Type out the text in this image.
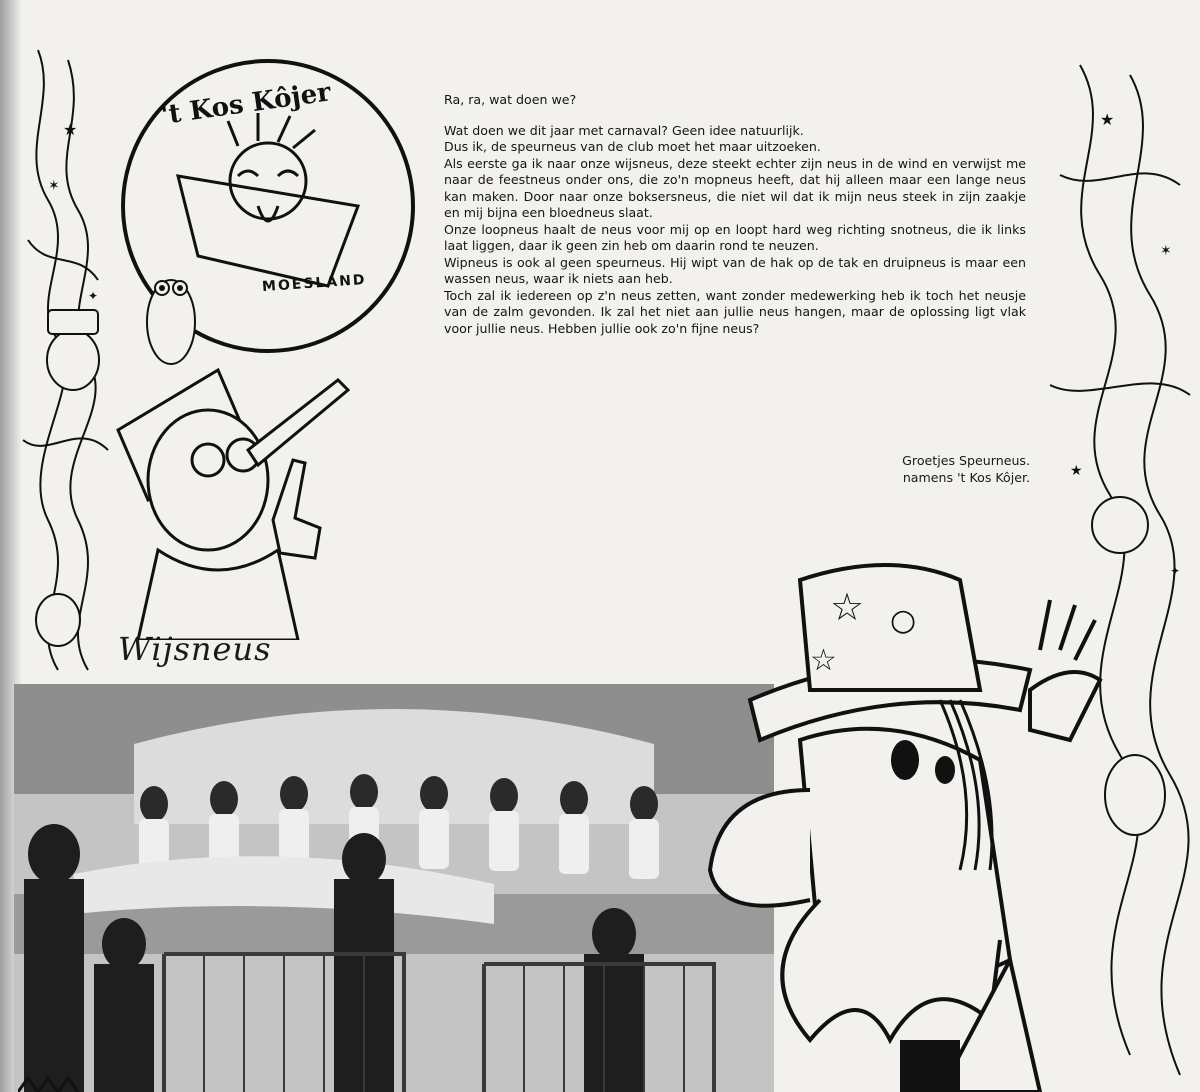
★
✶
✦
★
✶
★
✦
't Kos Kôjer
MOESLAND
Wijsneus

Ra, ra, wat doen we?

Wat doen we dit jaar met carnaval? Geen idee natuurlijk.

Dus ik, de speurneus van de club moet het maar uitzoeken.

Als eerste ga ik naar onze wijsneus, deze steekt echter zijn neus in de wind en verwijst me naar de feestneus onder ons, die zo'n mopneus heeft, dat hij alleen maar een lange neus kan maken. Door naar onze boksersneus, die niet wil dat ik mijn neus steek in zijn zaakje en mij bijna een bloedneus slaat.

Onze loopneus haalt de neus voor mij op en loopt hard weg richting snotneus, die ik links laat liggen, daar ik geen zin heb om daarin rond te neuzen.

Wipneus is ook al geen speurneus. Hij wipt van de hak op de tak en druipneus is maar een wassen neus, waar ik niets aan heb.

Toch zal ik iedereen op z'n neus zetten, want zonder medewerking heb ik toch het neusje van de zalm gevonden. Ik zal het niet aan jullie neus hangen, maar de oplossing ligt vlak voor jullie neus. Hebben jullie ook zo'n fijne neus?

Groetjes Speurneus.
namens 't Kos Kôjer.
☆ ○
☆
